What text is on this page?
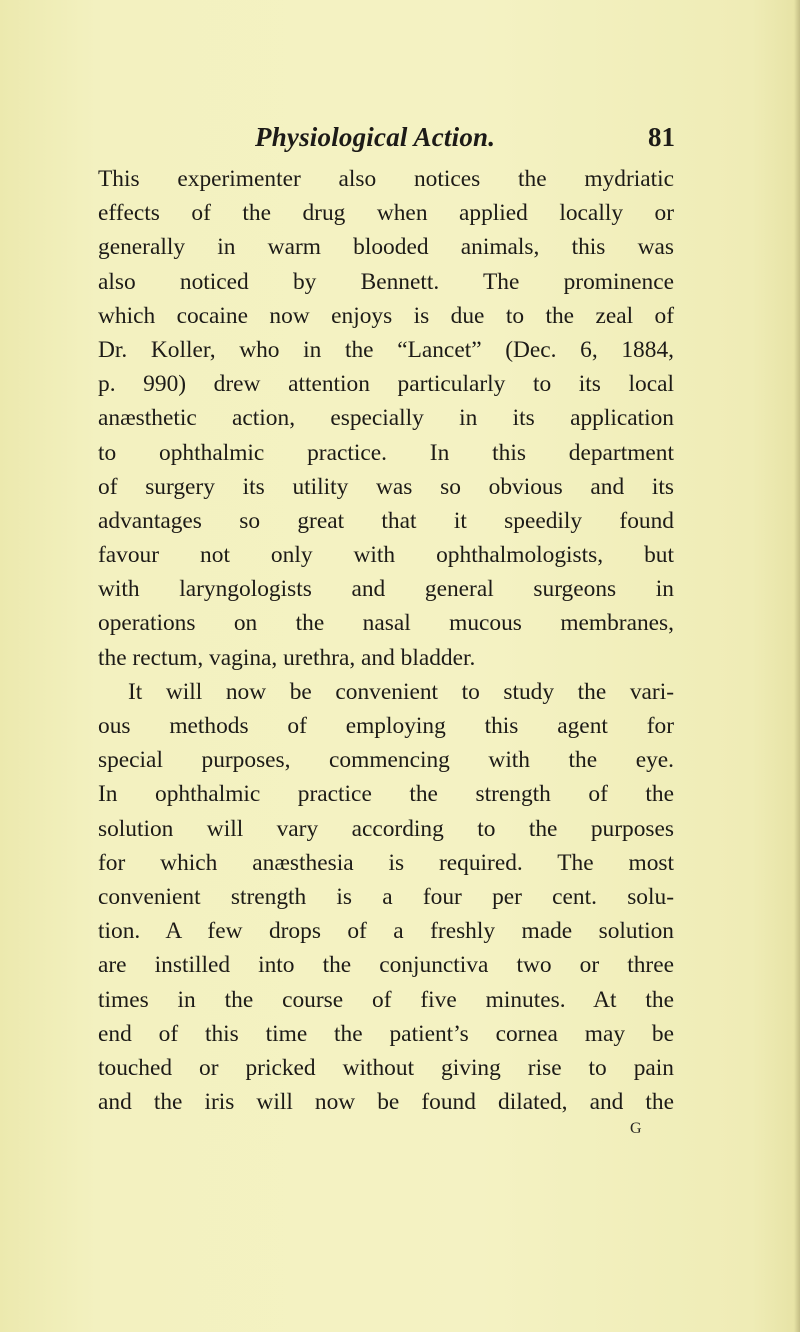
Physiological Action.	81
This experimenter also notices the mydriatic
effects of the drug when applied locally or
generally in warm blooded animals, this was
also noticed by Bennett. The prominence
which cocaine now enjoys is due to the zeal of
Dr. Koller, who in the “Lancet” (Dec. 6, 1884,
p. 990) drew attention particularly to its local
anæsthetic action, especially in its application
to ophthalmic practice. In this department
of surgery its utility was so obvious and its
advantages so great that it speedily found
favour not only with ophthalmologists, but
with laryngologists and general surgeons in
operations on the nasal mucous membranes,
the rectum, vagina, urethra, and bladder.
It will now be convenient to study the vari-
ous methods of employing this agent for
special purposes, commencing with the eye.
In ophthalmic practice the strength of the
solution will vary according to the purposes
for which anæsthesia is required. The most
convenient strength is a four per cent. solu-
tion. A few drops of a freshly made solution
are instilled into the conjunctiva two or three
times in the course of five minutes. At the
end of this time the patient’s cornea may be
touched or pricked without giving rise to pain
and the iris will now be found dilated, and the
G
